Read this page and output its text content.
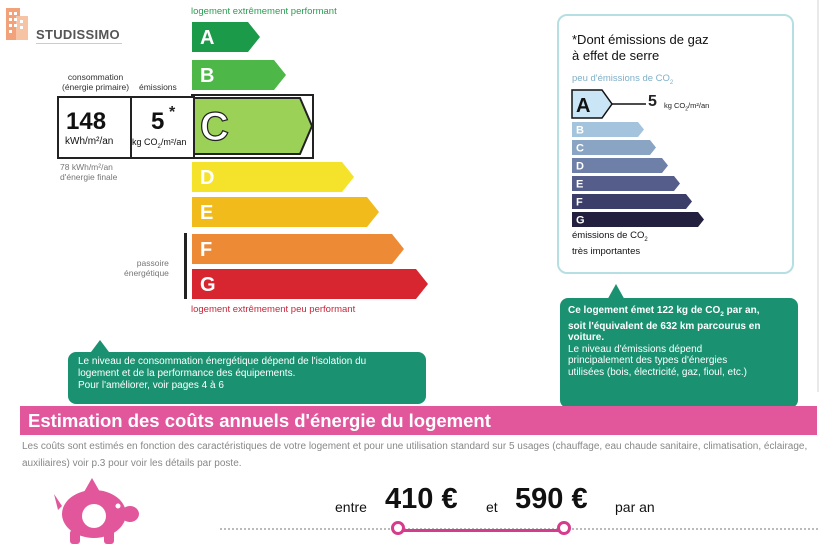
STUDISSIMO
logement extrêmement performant
logement extrêmement peu performant
A
B
C
D
E
F
G
consommation
(énergie primaire) émissions
148
kWh/m²/an
5 *
kg $CO_2/m^2/an$
78 kWh/m²/an
d'énergie finale
passoire
énergétique
*Dont émissions de gaz
à effet de serre
peu d'émissions de $CO_2$
A
B
C
D
E
F
G
5 kg $CO_2/m^2/an$
émissions de $CO_2$
très importantes
Le niveau de consommation énergétique dépend de l'isolation du
logement et de la performance des équipements.
Pour l'améliorer, voir pages 4 à 6
Ce logement émet 122 kg de $CO_2$ par an,
soit l'équivalent de 632 km parcourus en
voiture.
Le niveau d'émissions dépend
principalement des types d'énergies
utilisées (bois, électricité, gaz, fioul, etc.)
Estimation des coûts annuels d'énergie du logement
Les coûts sont estimés en fonction des caractéristiques de votre logement et pour une utilisation standard sur 5 usages (chauffage, eau chaude sanitaire, climatisation, éclairage, auxiliaires) voir p.3 pour voir les détails par poste.
€	entre 410 € et 590 € par an
